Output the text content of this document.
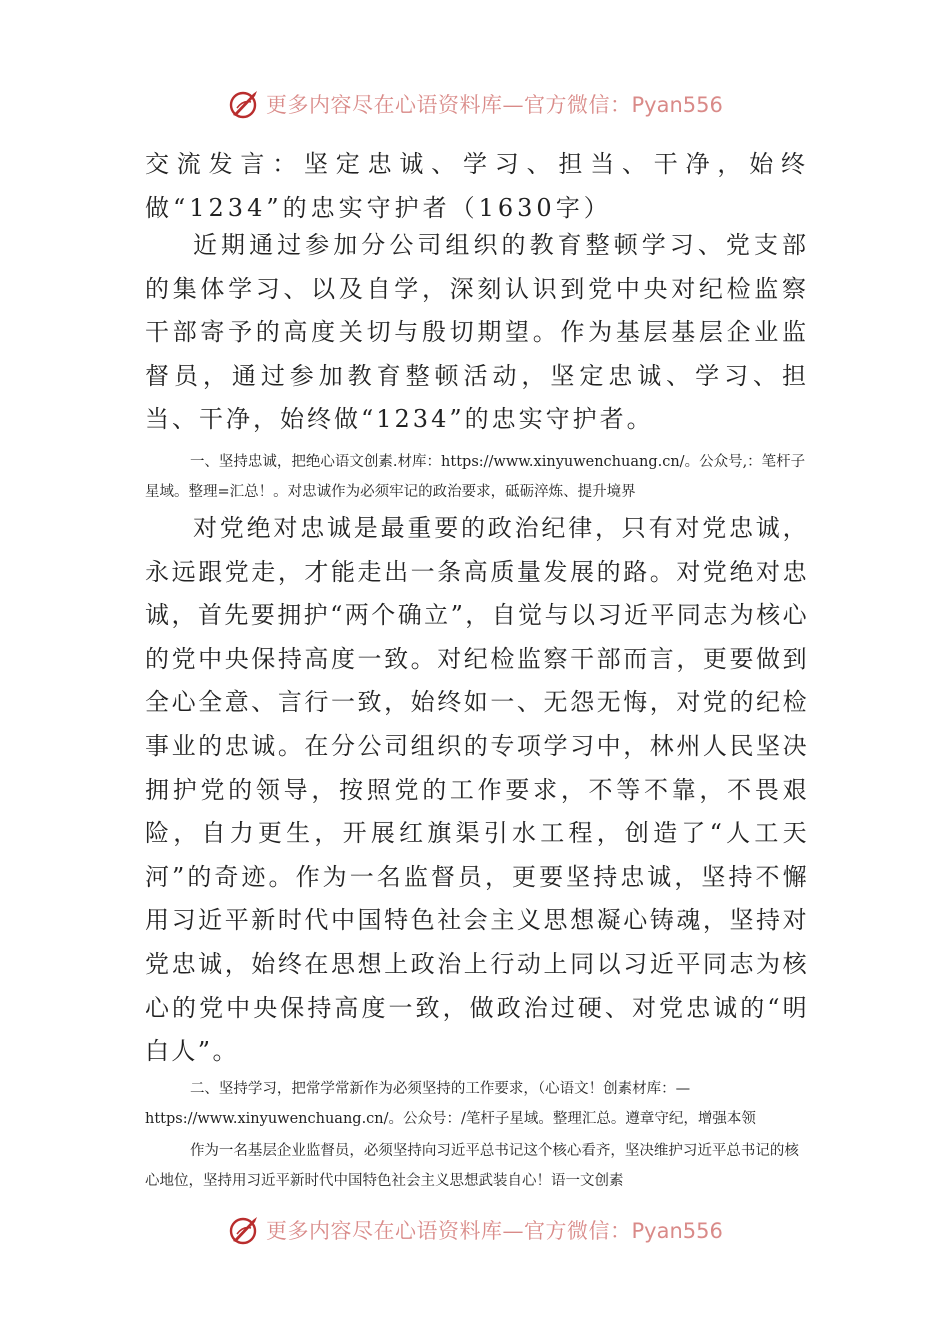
更多内容尽在心语资料库—官方微信：Pyan556

交流发言：坚定忠诚、学习、担当、干净，始终做“1234”的忠实守护者（1630字）

近期通过参加分公司组织的教育整顿学习、党支部的集体学习、以及自学，深刻认识到党中央对纪检监察干部寄予的高度关切与殷切期望。作为基层基层企业监督员，通过参加教育整顿活动，坚定忠诚、学习、担当、干净，始终做“1234”的忠实守护者。

一、坚持忠诚，把绝心语文创素.材库：https://www.xinyuwenchuang.cn/。公众号,：笔杆子星域。整理=汇总！。对忠诚作为必须牢记的政治要求，砥砺淬炼、提升境界

对党绝对忠诚是最重要的政治纪律，只有对党忠诚，永远跟党走，才能走出一条高质量发展的路。对党绝对忠诚，首先要拥护“两个确立”，自觉与以习近平同志为核心的党中央保持高度一致。对纪检监察干部而言，更要做到全心全意、言行一致，始终如一、无怨无悔，对党的纪检事业的忠诚。在分公司组织的专项学习中，林州人民坚决拥护党的领导，按照党的工作要求，不等不靠，不畏艰险，自力更生，开展红旗渠引水工程，创造了“人工天河”的奇迹。作为一名监督员，更要坚持忠诚，坚持不懈用习近平新时代中国特色社会主义思想凝心铸魂，坚持对党忠诚，始终在思想上政治上行动上同以习近平同志为核心的党中央保持高度一致，做政治过硬、对党忠诚的“明白人”。

二、坚持学习，把常学常新作为必须坚持的工作要求，（心语文！创素材库：—https://www.xinyuwenchuang.cn/。公众号：/笔杆子星域。整理汇总。遵章守纪，增强本领

作为一名基层企业监督员，必须坚持向习近平总书记这个核心看齐，坚决维护习近平总书记的核心地位，坚持用习近平新时代中国特色社会主义思想武装自心！语一文创素

更多内容尽在心语资料库—官方微信：Pyan556
